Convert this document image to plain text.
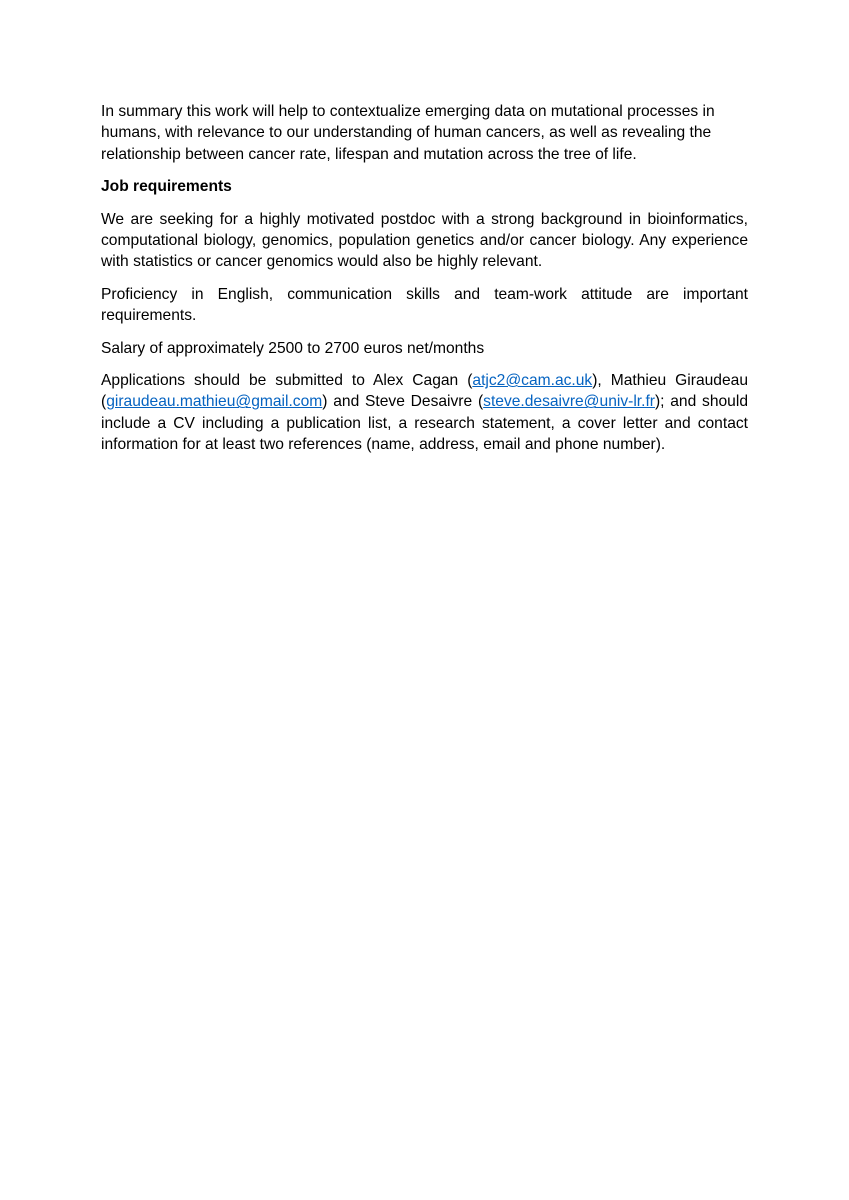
In summary this work will help to contextualize emerging data on mutational processes in humans, with relevance to our understanding of human cancers, as well as revealing the relationship between cancer rate, lifespan and mutation across the tree of life.

Job requirements

We are seeking for a highly motivated postdoc with a strong background in bioinformatics, computational biology, genomics, population genetics and/or cancer biology. Any experience with statistics or cancer genomics would also be highly relevant.

Proficiency in English, communication skills and team-work attitude are important requirements.

Salary of approximately 2500 to 2700 euros net/months

Applications should be submitted to Alex Cagan (atjc2@cam.ac.uk), Mathieu Giraudeau (giraudeau.mathieu@gmail.com) and Steve Desaivre (steve.desaivre@univ-lr.fr); and should include a CV including a publication list, a research statement, a cover letter and contact information for at least two references (name, address, email and phone number).
